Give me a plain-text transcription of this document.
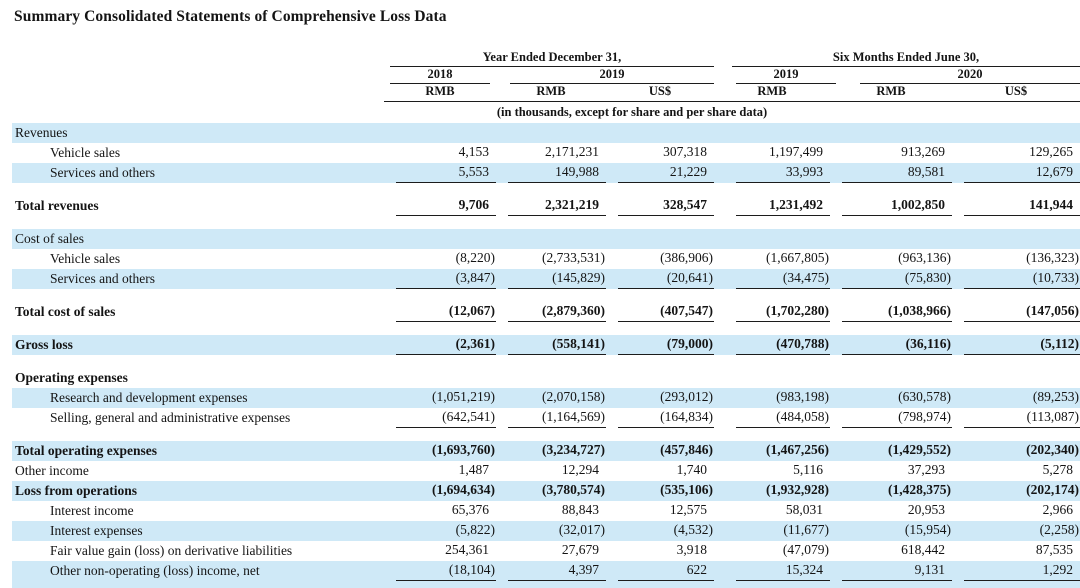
Summary Consolidated Statements of Comprehensive Loss Data

	Year Ended December 31,			Six Months Ended June 30,		

	2018	2019		2019	2020	

	RMB	RMB	US$	RMB	RMB	US$
	(in thousands, except for share and per share data)					
Revenues	

Vehicle sales	4,153	2,171,231	307,318	1,197,499	913,269	129,265

Services and others	5,553	149,988	21,229	33,993	89,581	12,679

Total revenues	9,706	2,321,219	328,547	1,231,492	1,002,850	141,944

Cost of sales	

Vehicle sales	(8,220)	(2,733,531)	(386,906)	(1,667,805)	(963,136)	(136,323)

Services and others	(3,847)	(145,829)	(20,641)	(34,475)	(75,830)	(10,733)

Total cost of sales	(12,067)	(2,879,360)	(407,547)	(1,702,280)	(1,038,966)	(147,056)

Gross loss	(2,361)	(558,141)	(79,000)	(470,788)	(36,116)	(5,112)

Operating expenses	

Research and development expenses	(1,051,219)	(2,070,158)	(293,012)	(983,198)	(630,578)	(89,253)

Selling, general and administrative expenses	(642,541)	(1,164,569)	(164,834)	(484,058)	(798,974)	(113,087)

Total operating expenses	(1,693,760)	(3,234,727)	(457,846)	(1,467,256)	(1,429,552)	(202,340)

Other income	1,487	12,294	1,740	5,116	37,293	5,278

Loss from operations	(1,694,634)	(3,780,574)	(535,106)	(1,932,928)	(1,428,375)	(202,174)

Interest income	65,376	88,843	12,575	58,031	20,953	2,966

Interest expenses	(5,822)	(32,017)	(4,532)	(11,677)	(15,954)	(2,258)

Fair value gain (loss) on derivative liabilities	254,361	27,679	3,918	(47,079)	618,442	87,535

Other non-operating (loss) income, net	(18,104)	4,397	622	15,324	9,131	1,292
